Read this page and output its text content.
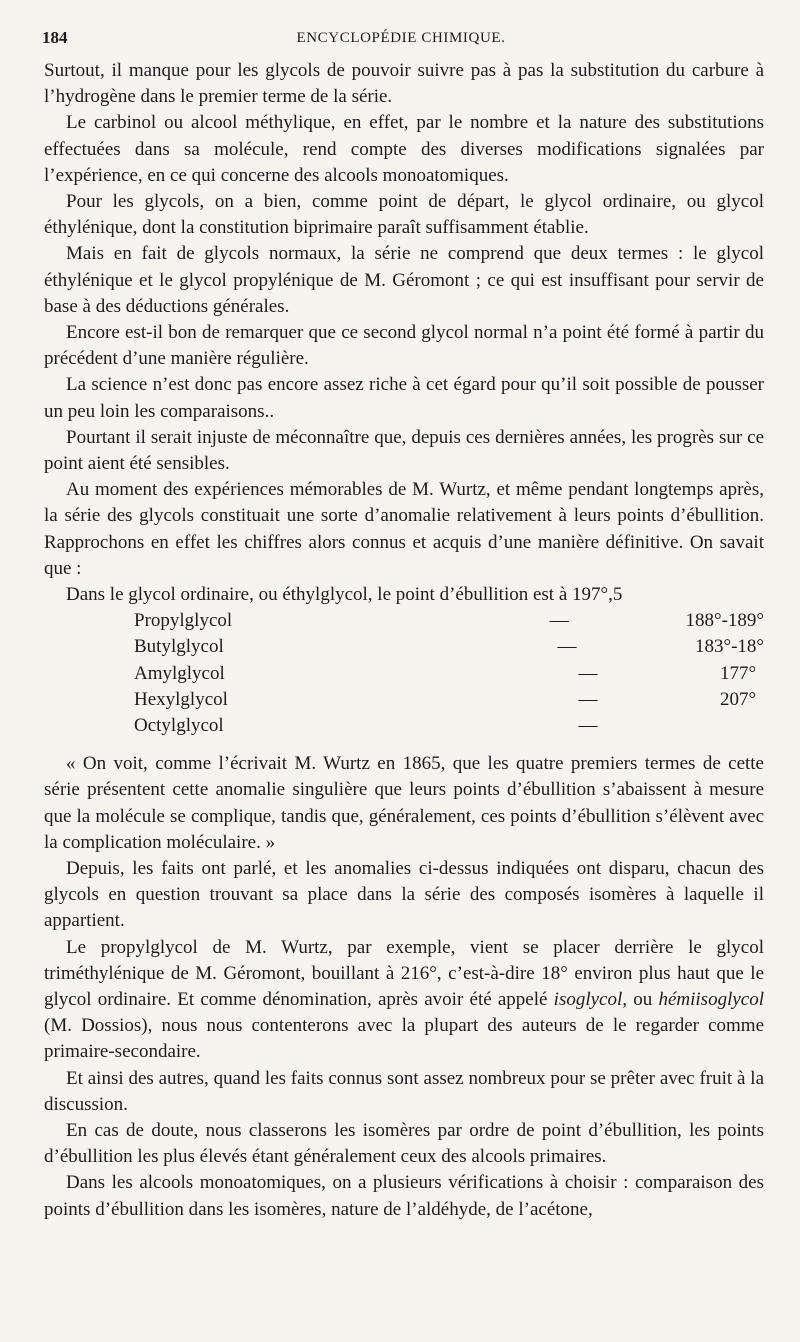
184	ENCYCLOPÉDIE CHIMIQUE.

Surtout, il manque pour les glycols de pouvoir suivre pas à pas la substitution du carbure à l’hydrogène dans le premier terme de la série.

Le carbinol ou alcool méthylique, en effet, par le nombre et la nature des substitutions effectuées dans sa molécule, rend compte des diverses modifications signalées par l’expérience, en ce qui concerne des alcools monoatomiques.

Pour les glycols, on a bien, comme point de départ, le glycol ordinaire, ou glycol éthylénique, dont la constitution biprimaire paraît suffisamment établie.

Mais en fait de glycols normaux, la série ne comprend que deux termes : le glycol éthylénique et le glycol propylénique de M. Géromont ; ce qui est insuffisant pour servir de base à des déductions générales.

Encore est-il bon de remarquer que ce second glycol normal n’a point été formé à partir du précédent d’une manière régulière.

La science n’est donc pas encore assez riche à cet égard pour qu’il soit possible de pousser un peu loin les comparaisons..

Pourtant il serait injuste de méconnaître que, depuis ces dernières années, les progrès sur ce point aient été sensibles.

Au moment des expériences mémorables de M. Wurtz, et même pendant longtemps après, la série des glycols constituait une sorte d’anomalie relativement à leurs points d’ébullition. Rapprochons en effet les chiffres alors connus et acquis d’une manière définitive. On savait que :

Dans le glycol ordinaire, ou éthylglycol, le point d’ébullition est à 197°,5

Propylglycol	—	188°-189°
Butylglycol	—	183°-18°
Amylglycol	—	177°
Hexylglycol	—	207°
Octylglycol	—

« On voit, comme l’écrivait M. Wurtz en 1865, que les quatre premiers termes de cette série présentent cette anomalie singulière que leurs points d’ébullition s’abaissent à mesure que la molécule se complique, tandis que, généralement, ces points d’ébullition s’élèvent avec la complication moléculaire. »

Depuis, les faits ont parlé, et les anomalies ci-dessus indiquées ont disparu, chacun des glycols en question trouvant sa place dans la série des composés isomères à laquelle il appartient.

Le propylglycol de M. Wurtz, par exemple, vient se placer derrière le glycol triméthylénique de M. Géromont, bouillant à 216°, c’est-à-dire 18° environ plus haut que le glycol ordinaire. Et comme dénomination, après avoir été appelé isoglycol, ou hémiisoglycol (M. Dossios), nous nous contenterons avec la plupart des auteurs de le regarder comme primaire-secondaire.

Et ainsi des autres, quand les faits connus sont assez nombreux pour se prêter avec fruit à la discussion.

En cas de doute, nous classerons les isomères par ordre de point d’ébullition, les points d’ébullition les plus élevés étant généralement ceux des alcools primaires.

Dans les alcools monoatomiques, on a plusieurs vérifications à choisir : comparaison des points d’ébullition dans les isomères, nature de l’aldéhyde, de l’acétone,
